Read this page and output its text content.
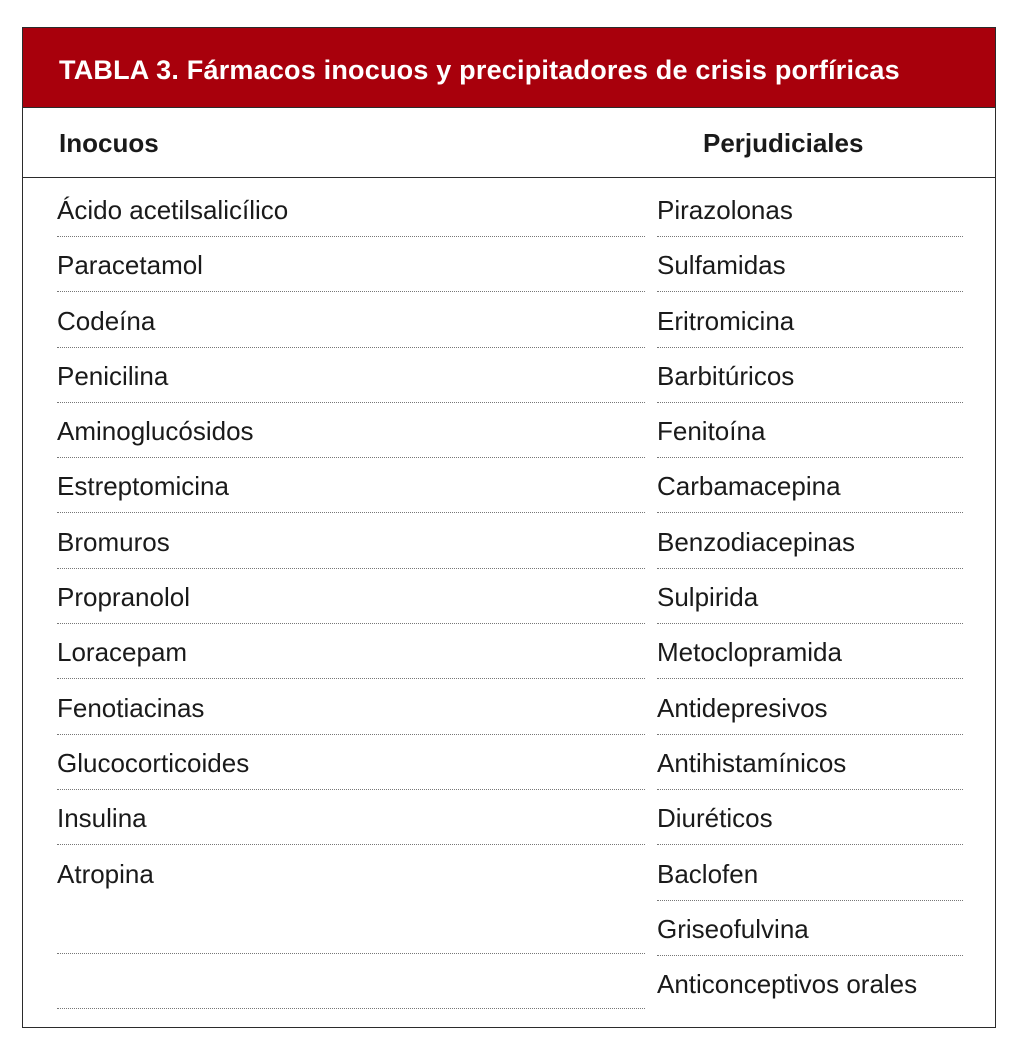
TABLA 3. Fármacos inocuos y precipitadores de crisis porfíricas
Inocuos	Perjudiciales
Ácido acetilsalicílico
Paracetamol
Codeína
Penicilina
Aminoglucósidos
Estreptomicina
Bromuros
Propranolol
Loracepam
Fenotiacinas
Glucocorticoides
Insulina
Atropina
Pirazolonas
Sulfamidas
Eritromicina
Barbitúricos
Fenitoína
Carbamacepina
Benzodiacepinas
Sulpirida
Metoclopramida
Antidepresivos
Antihistamínicos
Diuréticos
Baclofen
Griseofulvina
Anticonceptivos orales
